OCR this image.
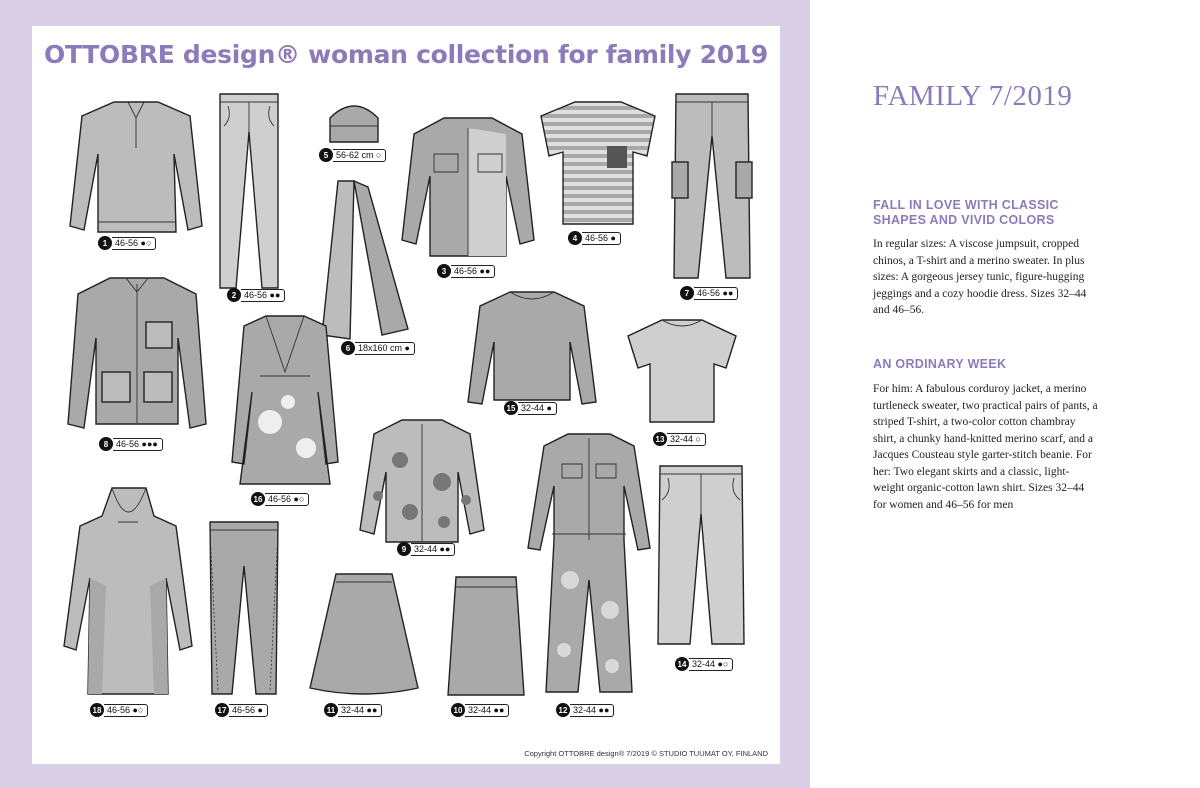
OTTOBRE design® woman collection for family 2019
1 46-56 ●○
2 46-56 ●●
5 56-62 cm ○
6 18x160 cm ●
3 46-56 ●●
4 46-56 ●
7 46-56 ●●
8 46-56 ●●●
16 46-56 ●○
15 32-44 ●
13 32-44 ○
9 32-44 ●●
12 32-44 ●●
14 32-44 ●○
18 46-56 ●○	17 46-56 ●	11 32-44 ●●	10 32-44 ●●
Copyright OTTOBRE design® 7/2019 © STUDIO TUUMAT OY, FINLAND
FAMILY 7/2019
FALL IN LOVE WITH CLASSIC SHAPES AND VIVID COLORS
In regular sizes: A viscose jumpsuit, cropped chinos, a T-shirt and a merino sweater. In plus sizes: A gorgeous jersey tunic, figure-hugging jeggings and a cozy hoodie dress. Sizes 32–44 and 46–56.
AN ORDINARY WEEK
For him: A fabulous corduroy jacket, a merino turtleneck sweater, two practical pairs of pants, a striped T-shirt, a two-color cotton chambray shirt, a chunky hand-knitted merino scarf, and a Jacques Cousteau style garter-stitch beanie. For her: Two elegant skirts and a classic, light-weight organic-cotton lawn shirt. Sizes 32–44 for women and 46–56 for men
